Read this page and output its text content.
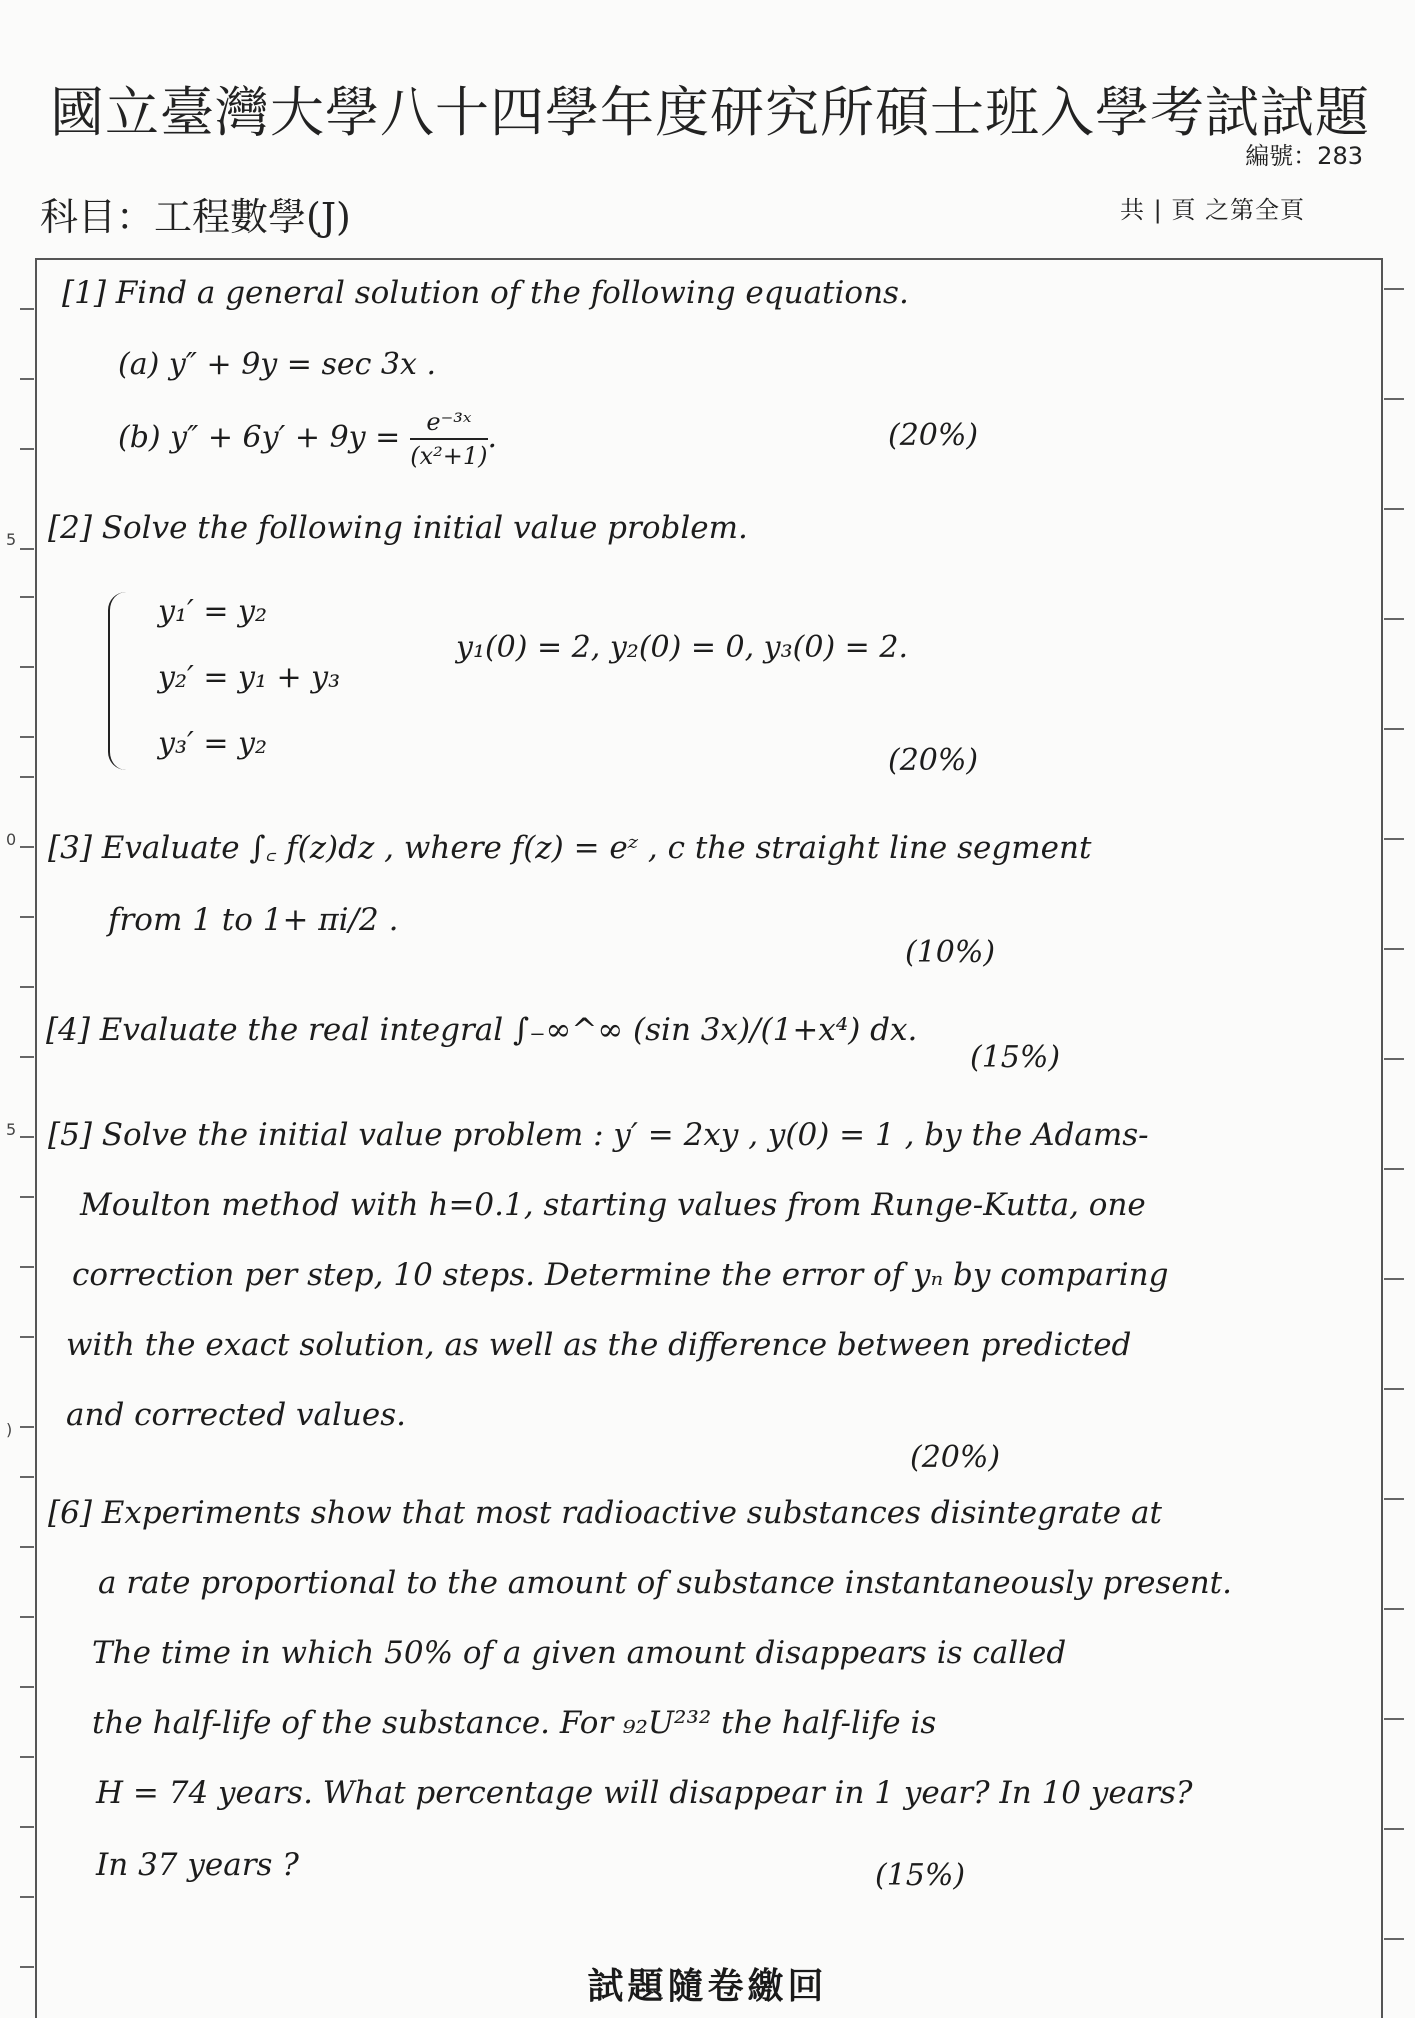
國立臺灣大學八十四學年度研究所碩士班入學考試試題
編號：283
科目：工程數學(J)	共 | 頁 之第全頁
5
0
5
)
[1] Find a general solution of the following equations.
(a) y″ + 9y = sec 3x .
(b) $y'' + 6y' + 9y = \frac{\text{e⁻³ˣ}}{\text{(x²+1)}}$ .	(20%)
[2] Solve the following initial value problem.
y₁′ = y₂
y₂′ = y₁ + y₃
y₃′ = y₂
y₁(0) = 2, y₂(0) = 0, y₃(0) = 2.
(20%)
[3] Evaluate ∫꜀ f(z)dz , where f(z) = eᶻ , c the straight line segment
from 1 to 1+ πi/2 .
(10%)
[4] Evaluate the real integral ∫₋∞^∞ (sin 3x)/(1+x⁴) dx.
(15%)
[5] Solve the initial value problem : y′ = 2xy , y(0) = 1 , by the Adams-
Moulton method with h=0.1, starting values from Runge-Kutta, one
correction per step, 10 steps. Determine the error of yₙ by comparing
with the exact solution, as well as the difference between predicted
and corrected values.
(20%)
[6] Experiments show that most radioactive substances disintegrate at
a rate proportional to the amount of substance instantaneously present.
The time in which 50% of a given amount disappears is called
the half-life of the substance. For ₉₂U²³² the half-life is
H = 74 years. What percentage will disappear in 1 year? In 10 years?
In 37 years ?	(15%)
試題隨卷繳回
